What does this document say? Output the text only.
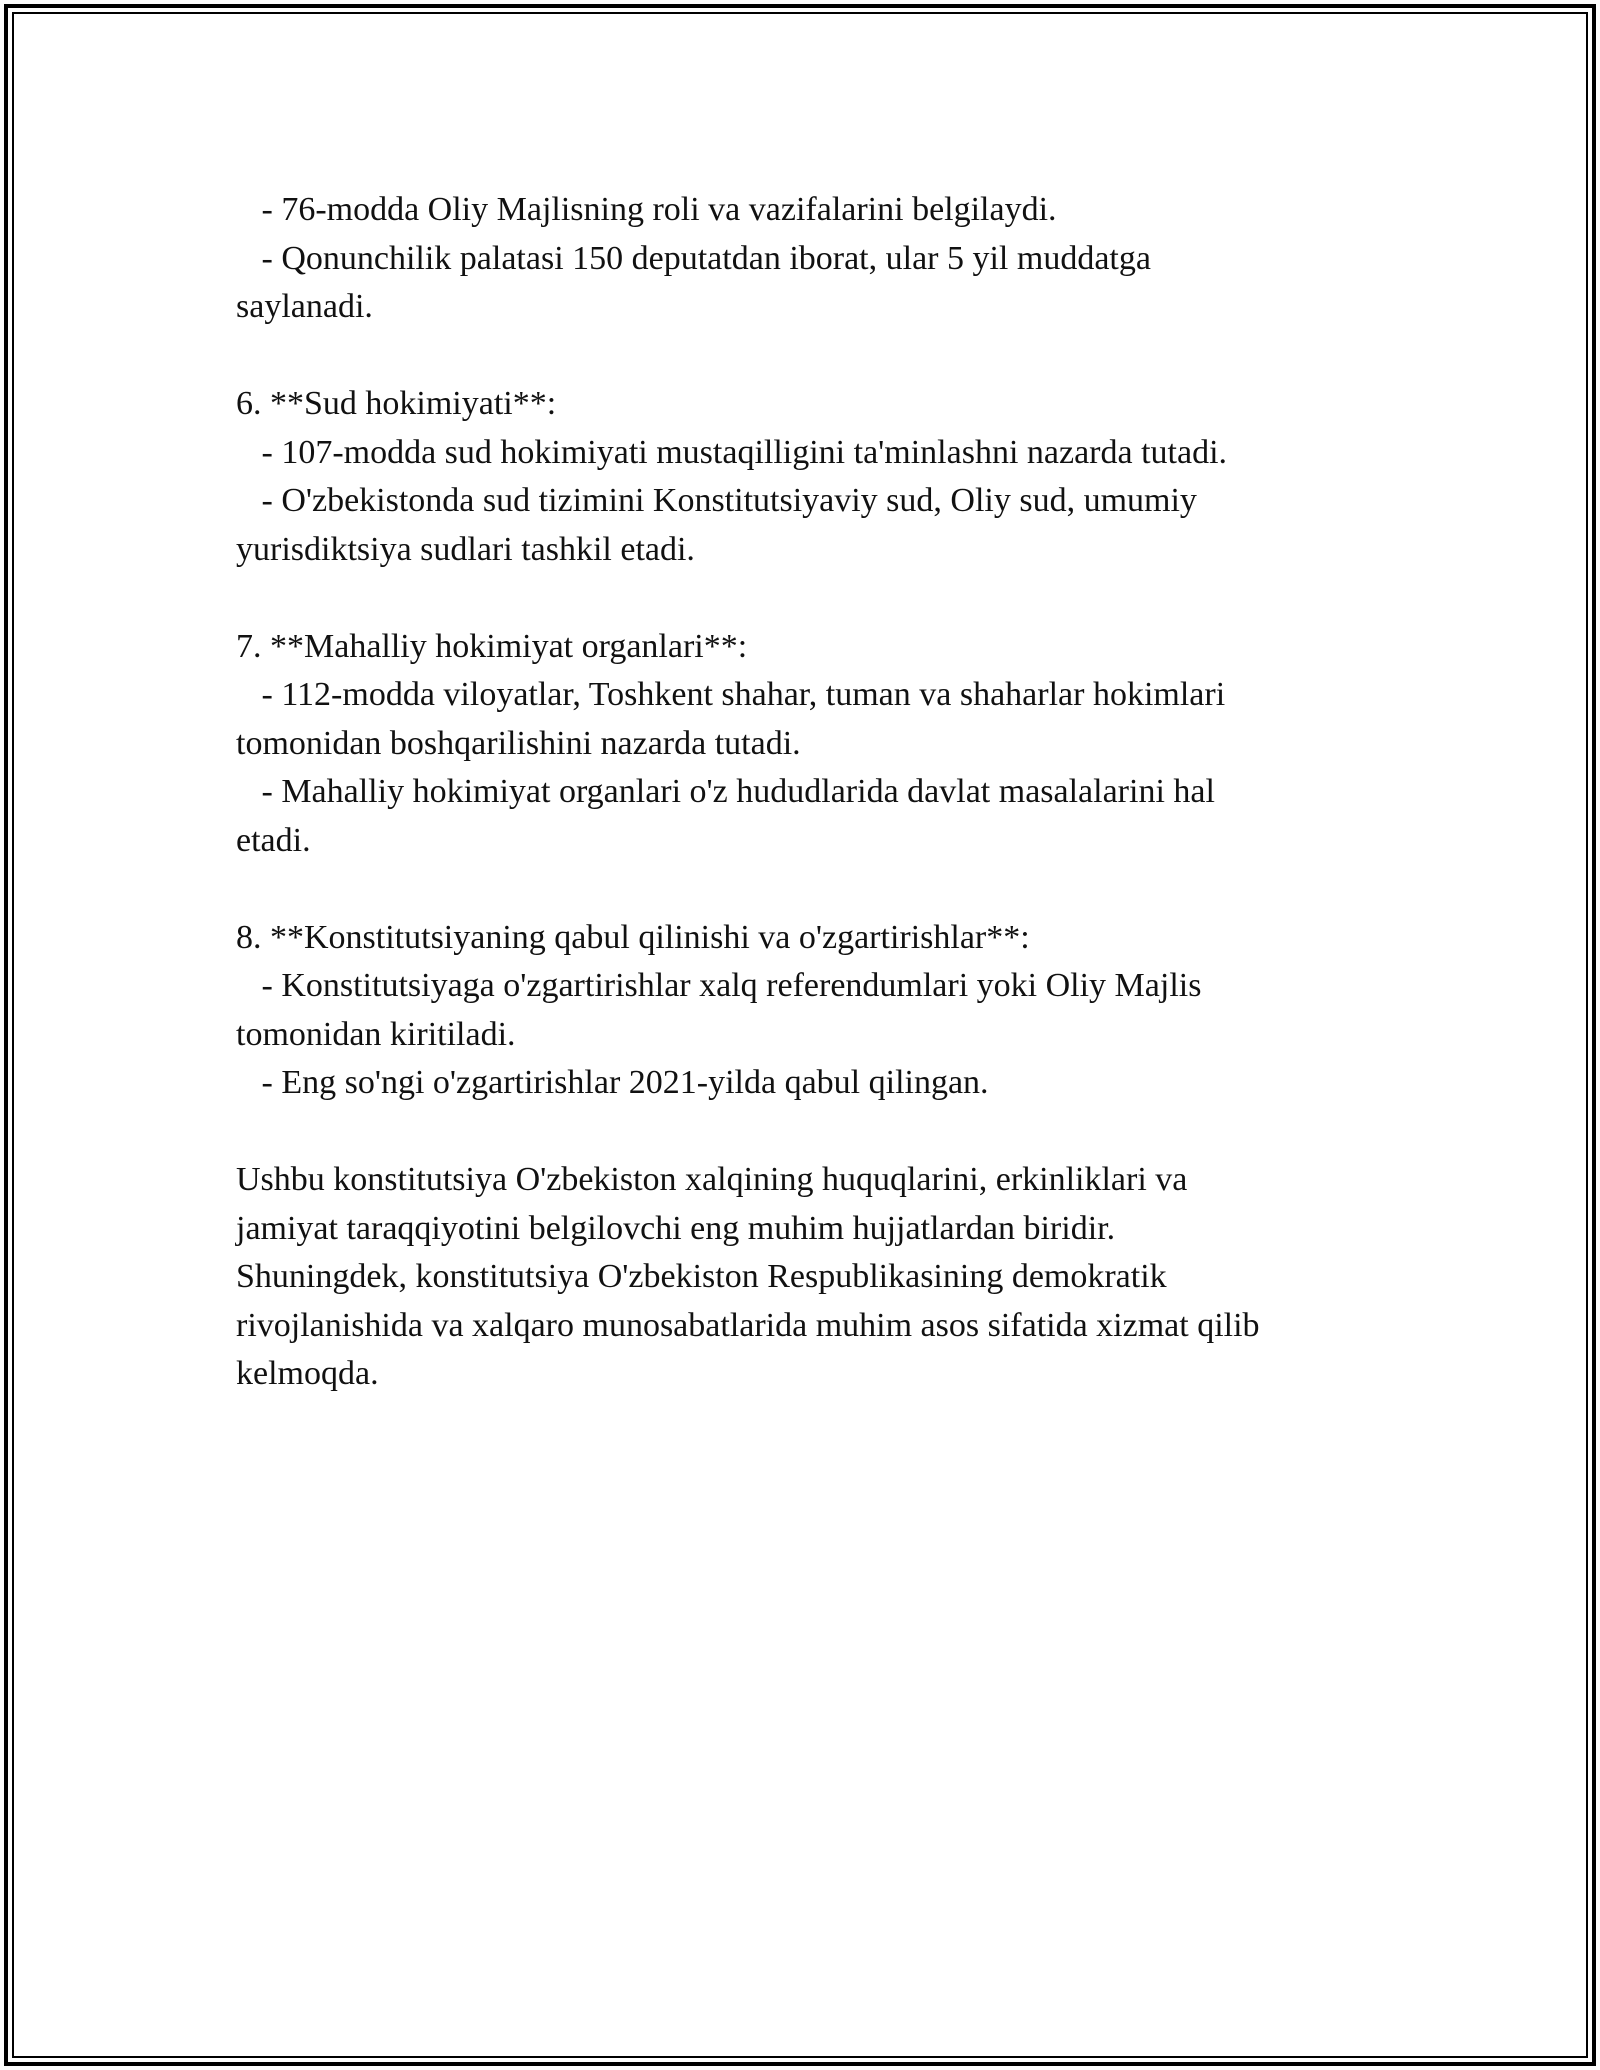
- 76-modda Oliy Majlisning roli va vazifalarini belgilaydi.
- Qonunchilik palatasi 150 deputatdan iborat, ular 5 yil muddatga
saylanadi.
6. **Sud hokimiyati**:
- 107-modda sud hokimiyati mustaqilligini ta'minlashni nazarda tutadi.
- O'zbekistonda sud tizimini Konstitutsiyaviy sud, Oliy sud, umumiy
yurisdiktsiya sudlari tashkil etadi.
7. **Mahalliy hokimiyat organlari**:
- 112-modda viloyatlar, Toshkent shahar, tuman va shaharlar hokimlari
tomonidan boshqarilishini nazarda tutadi.
- Mahalliy hokimiyat organlari o'z hududlarida davlat masalalarini hal
etadi.
8. **Konstitutsiyaning qabul qilinishi va o'zgartirishlar**:
- Konstitutsiyaga o'zgartirishlar xalq referendumlari yoki Oliy Majlis
tomonidan kiritiladi.
- Eng so'ngi o'zgartirishlar 2021-yilda qabul qilingan.
Ushbu konstitutsiya O'zbekiston xalqining huquqlarini, erkinliklari va
jamiyat taraqqiyotini belgilovchi eng muhim hujjatlardan biridir.
Shuningdek, konstitutsiya O'zbekiston Respublikasining demokratik
rivojlanishida va xalqaro munosabatlarida muhim asos sifatida xizmat qilib
kelmoqda.
